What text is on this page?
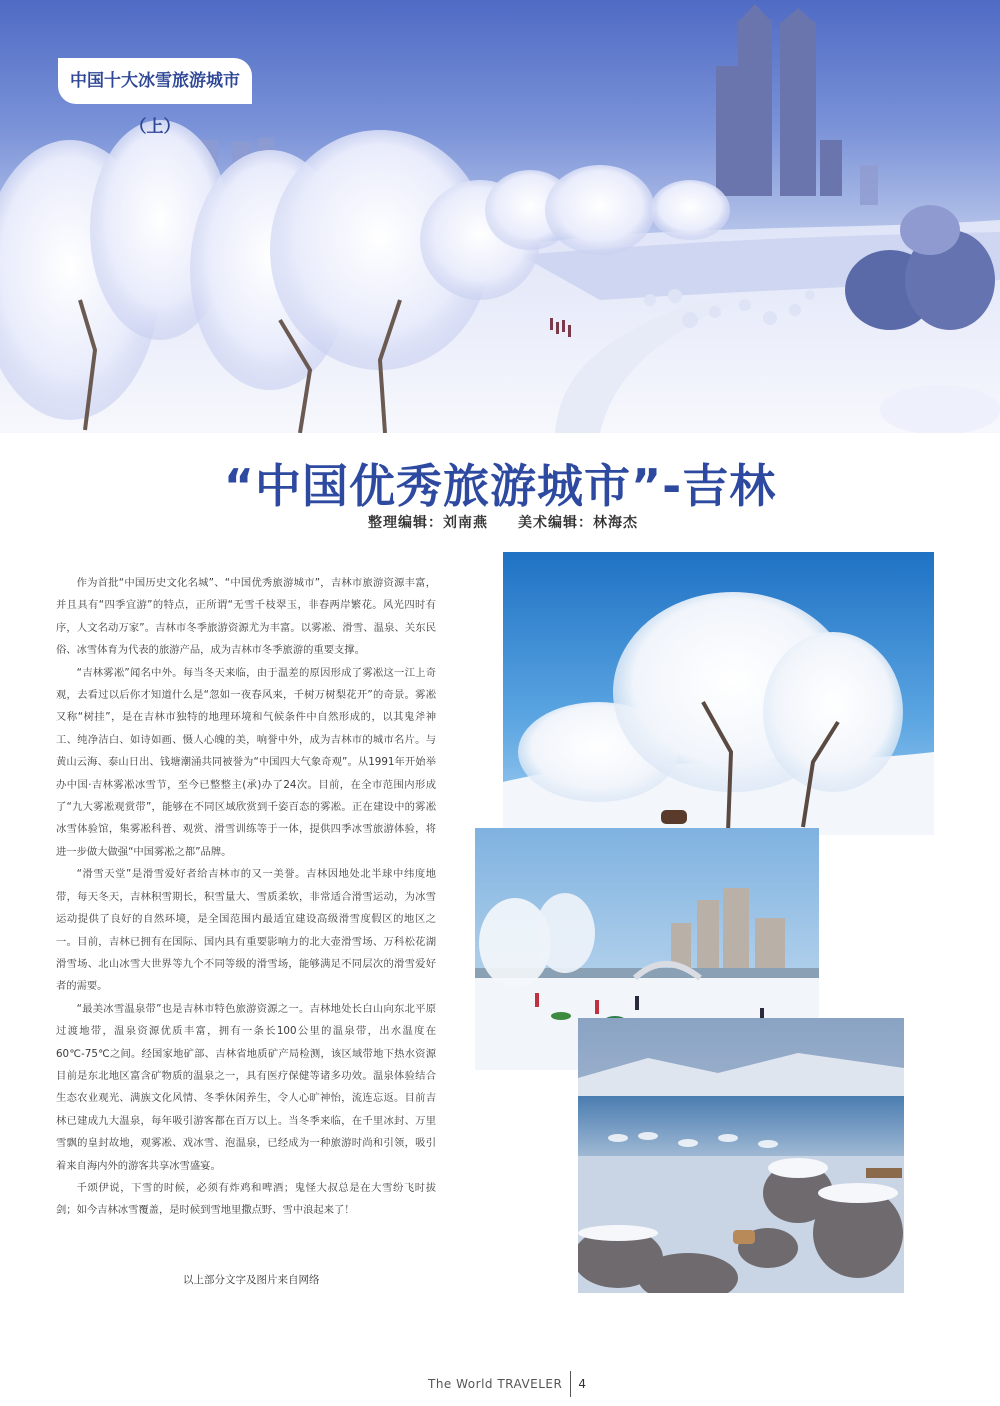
中国十大冰雪旅游城市（上）
“中国优秀旅游城市”-吉林
整理编辑：刘南燕 美术编辑：林海杰

作为首批“中国历史文化名城”、“中国优秀旅游城市”，吉林市旅游资源丰富，并且具有“四季宜游”的特点，正所谓“无雪千枝翠玉，非春两岸繁花。风光四时有序，人文名动万家”。吉林市冬季旅游资源尤为丰富。以雾凇、滑雪、温泉、关东民俗、冰雪体育为代表的旅游产品，成为吉林市冬季旅游的重要支撑。

“吉林雾凇”闻名中外。每当冬天来临，由于温差的原因形成了雾凇这一江上奇观，去看过以后你才知道什么是“忽如一夜春风来，千树万树梨花开”的奇景。雾凇又称“树挂”，是在吉林市独特的地理环境和气候条件中自然形成的，以其鬼斧神工、纯净洁白、如诗如画、慑人心魄的美，响誉中外，成为吉林市的城市名片。与黄山云海、泰山日出、钱塘潮涌共同被誉为“中国四大气象奇观”。从1991年开始举办中国·吉林雾凇冰雪节，至今已整整主(承)办了24次。目前，在全市范围内形成了“九大雾凇观赏带”，能够在不同区域欣赏到千姿百态的雾凇。正在建设中的雾凇冰雪体验馆，集雾凇科普、观赏、滑雪训练等于一体，提供四季冰雪旅游体验，将进一步做大做强“中国雾凇之都”品牌。

“滑雪天堂”是滑雪爱好者给吉林市的又一美誉。吉林因地处北半球中纬度地带，每天冬天，吉林积雪期长，积雪量大、雪质柔软，非常适合滑雪运动，为冰雪运动提供了良好的自然环境，是全国范围内最适宜建设高级滑雪度假区的地区之一。目前，吉林已拥有在国际、国内具有重要影响力的北大壶滑雪场、万科松花湖滑雪场、北山冰雪大世界等九个不同等级的滑雪场，能够满足不同层次的滑雪爱好者的需要。

“最美冰雪温泉带”也是吉林市特色旅游资源之一。吉林地处长白山向东北平原过渡地带，温泉资源优质丰富，拥有一条长100公里的温泉带，出水温度在60℃-75℃之间。经国家地矿部、吉林省地质矿产局检测，该区域带地下热水资源目前是东北地区富含矿物质的温泉之一，具有医疗保健等诸多功效。温泉体验结合生态农业观光、满族文化风情、冬季休闲养生，令人心旷神怡，流连忘返。目前吉林已建成九大温泉，每年吸引游客都在百万以上。当冬季来临，在千里冰封、万里雪飘的皇封故地，观雾凇、戏冰雪、泡温泉，已经成为一种旅游时尚和引领，吸引着来自海内外的游客共享冰雪盛宴。

千颂伊说，下雪的时候，必须有炸鸡和啤酒；鬼怪大叔总是在大雪纷飞时拔剑；如今吉林冰雪覆盖，是时候到雪地里撒点野、雪中浪起来了！

以上部分文字及图片来自网络
The World TRAVELER 4
